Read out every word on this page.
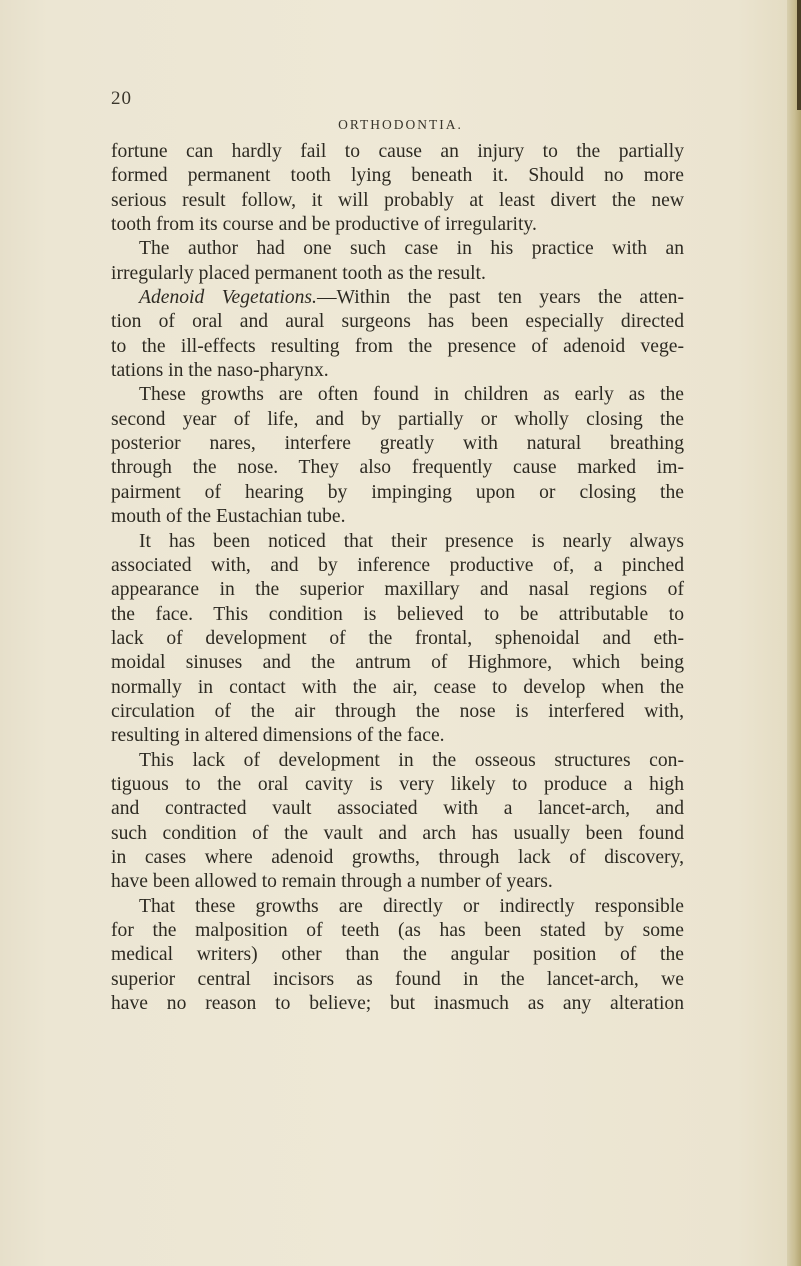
20
ORTHODONTIA.
fortune can hardly fail to cause an injury to the partially
formed permanent tooth lying beneath it. Should no more
serious result follow, it will probably at least divert the new
tooth from its course and be productive of irregularity.
The author had one such case in his practice with an
irregularly placed permanent tooth as the result.
Adenoid Vegetations.—Within the past ten years the atten-
tion of oral and aural surgeons has been especially directed
to the ill-effects resulting from the presence of adenoid vege-
tations in the naso-pharynx.
These growths are often found in children as early as the
second year of life, and by partially or wholly closing the
posterior nares, interfere greatly with natural breathing
through the nose. They also frequently cause marked im-
pairment of hearing by impinging upon or closing the
mouth of the Eustachian tube.
It has been noticed that their presence is nearly always
associated with, and by inference productive of, a pinched
appearance in the superior maxillary and nasal regions of
the face. This condition is believed to be attributable to
lack of development of the frontal, sphenoidal and eth-
moidal sinuses and the antrum of Highmore, which being
normally in contact with the air, cease to develop when the
circulation of the air through the nose is interfered with,
resulting in altered dimensions of the face.
This lack of development in the osseous structures con-
tiguous to the oral cavity is very likely to produce a high
and contracted vault associated with a lancet-arch, and
such condition of the vault and arch has usually been found
in cases where adenoid growths, through lack of discovery,
have been allowed to remain through a number of years.
That these growths are directly or indirectly responsible
for the malposition of teeth (as has been stated by some
medical writers) other than the angular position of the
superior central incisors as found in the lancet-arch, we
have no reason to believe; but inasmuch as any alteration
